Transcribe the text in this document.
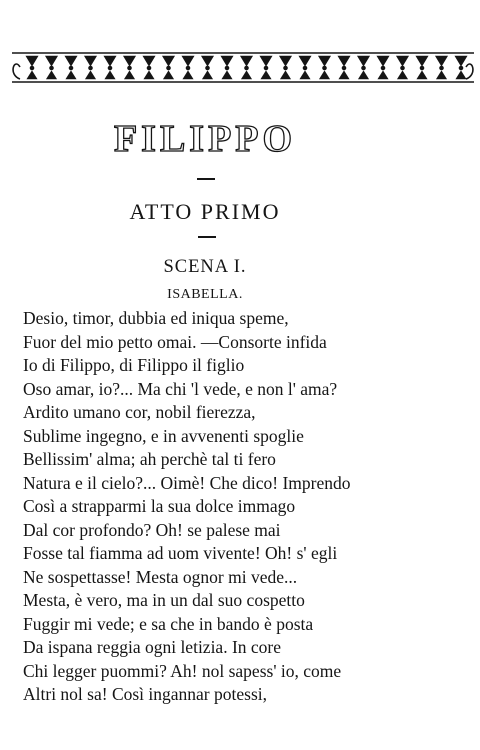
FILIPPO
ATTO PRIMO
SCENA I.
ISABELLA.
Desio, timor, dubbia ed iniqua speme,
Fuor del mio petto omai. —Consorte infida
Io di Filippo, di Filippo il figlio
Oso amar, io?... Ma chi 'l vede, e non l' ama?
Ardito umano cor, nobil fierezza,
Sublime ingegno, e in avvenenti spoglie
Bellissim' alma; ah perchè tal ti fero
Natura e il cielo?... Oimè! Che dico! Imprendo
Così a strapparmi la sua dolce immago
Dal cor profondo? Oh! se palese mai
Fosse tal fiamma ad uom vivente! Oh! s' egli
Ne sospettasse! Mesta ognor mi vede...
Mesta, è vero, ma in un dal suo cospetto
Fuggir mi vede; e sa che in bando è posta
Da ispana reggia ogni letizia. In core
Chi legger puommi? Ah! nol sapess' io, come
Altri nol sa! Così ingannar potessi,
